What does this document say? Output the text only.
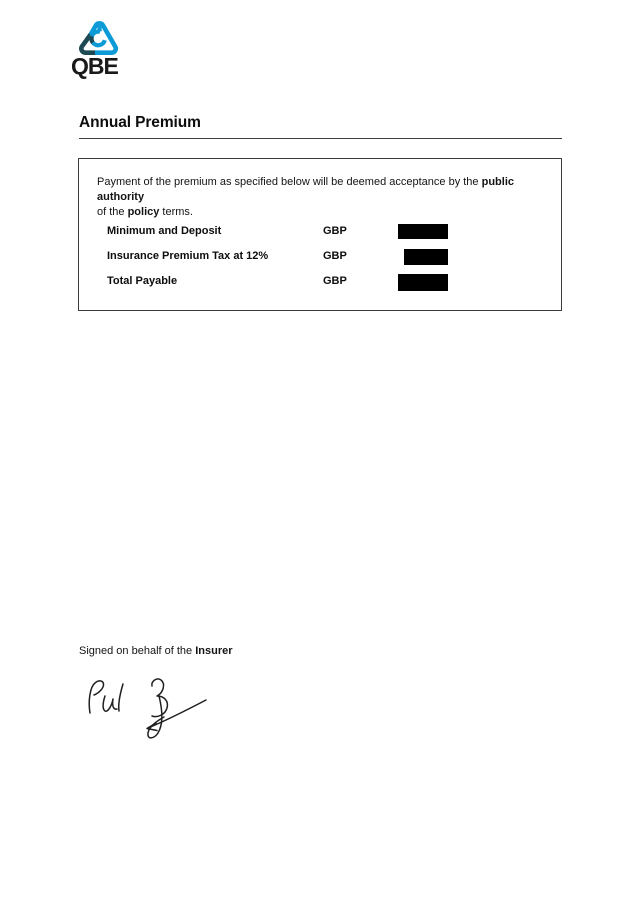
QBE
Annual Premium

Payment of the premium as specified below will be deemed acceptance by the public authority
of the policy terms.

Minimum and Deposit	GBP
Insurance Premium Tax at 12%	GBP
Total Payable	GBP

Signed on behalf of the Insurer
